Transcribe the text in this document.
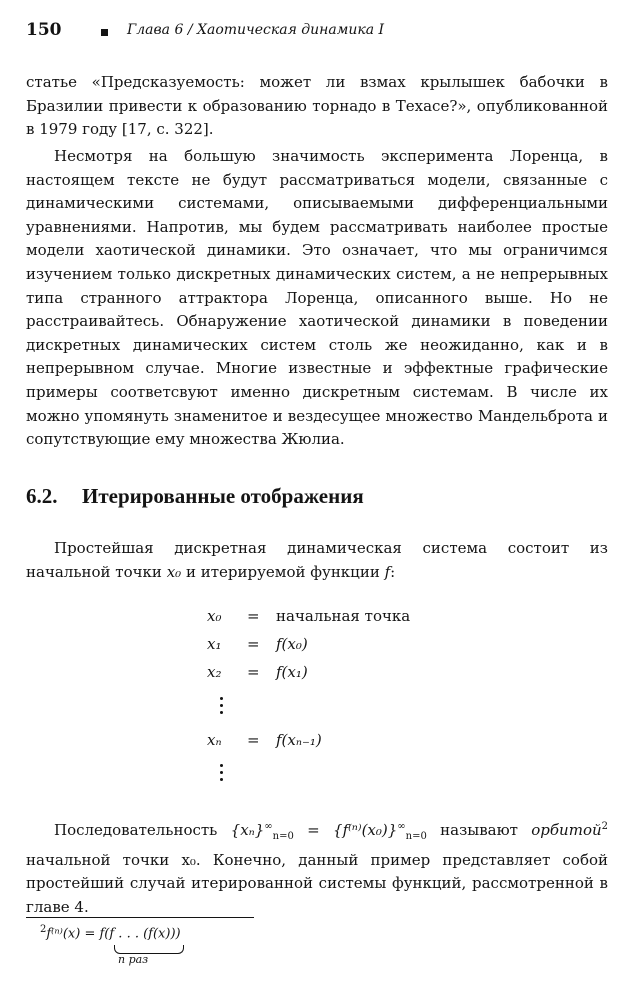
150	Глава 6 / Хаотическая динамика I

статье «Предсказуемость: может ли взмах крылышек бабочки в Бразилии привести к образованию торнадо в Техасе?», опубликованной в 1979 году [17, с. 322].

Несмотря на большую значимость эксперимента Лоренца, в настоящем тексте не будут рассматриваться модели, связанные с динамическими системами, описываемыми дифференциальными уравнениями. Напротив, мы будем рассматривать наиболее простые модели хаотической динамики. Это означает, что мы ограничимся изучением только дискретных динамических систем, а не непрерывных типа странного аттрактора Лоренца, описанного выше. Но не расстраивайтесь. Обнаружение хаотической динамики в поведении дискретных динамических систем столь же неожиданно, как и в непрерывном случае. Многие известные и эффектные графические примеры соответсвуют именно дискретным системам. В числе их можно упомянуть знаменитое и вездесущее множество Мандельброта и сопутствующие ему множества Жюлиа.

6.2. Итерированные отображения

Простейшая дискретная динамическая система состоит из начальной точки x₀ и итерируемой функции f:

x₀	= начальная точка
x₁	= f(x₀)
x₂	= f(x₁)
xₙ	= f(xₙ₋₁)

Последовательность $\{x_n\}^\infty_{n=0} = \{f^{(n)}(x_0)\}^\infty_{n=0}$ называют орбитой$^2$ начальной точки x₀. Конечно, данный пример представляет собой простейший случай итерированной системы функций, рассмотренной в главе 4.

$^2$f⁽ⁿ⁾(x) = f(f . . . (f(x)))
n раз
